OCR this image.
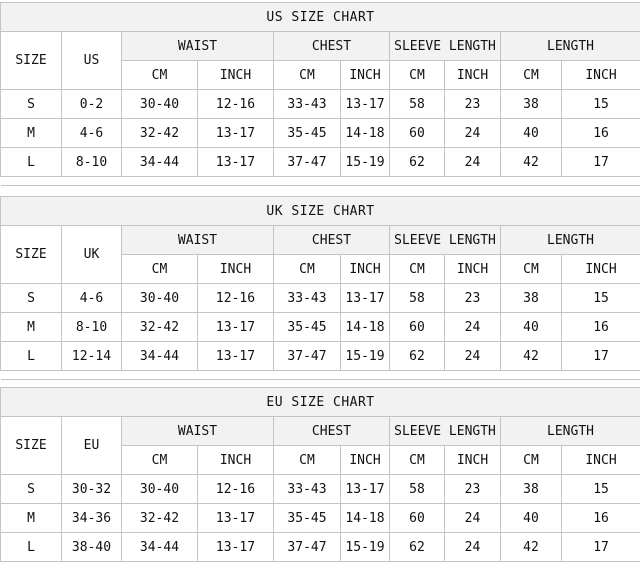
US SIZE CHART									
SIZE	US	WAIST		CHEST		SLEEVE LENGTH		LENGTH	
		CM	INCH	CM	INCH	CM	INCH	CM	INCH
S	0-2	30-40	12-16	33-43	13-17	58	23	38	15
M	4-6	32-42	13-17	35-45	14-18	60	24	40	16
L	8-10	34-44	13-17	37-47	15-19	62	24	42	17

UK SIZE CHART									
SIZE	UK	WAIST		CHEST		SLEEVE LENGTH		LENGTH	
		CM	INCH	CM	INCH	CM	INCH	CM	INCH
S	4-6	30-40	12-16	33-43	13-17	58	23	38	15
M	8-10	32-42	13-17	35-45	14-18	60	24	40	16
L	12-14	34-44	13-17	37-47	15-19	62	24	42	17

EU SIZE CHART									
SIZE	EU	WAIST		CHEST		SLEEVE LENGTH		LENGTH	
		CM	INCH	CM	INCH	CM	INCH	CM	INCH
S	30-32	30-40	12-16	33-43	13-17	58	23	38	15
M	34-36	32-42	13-17	35-45	14-18	60	24	40	16
L	38-40	34-44	13-17	37-47	15-19	62	24	42	17
